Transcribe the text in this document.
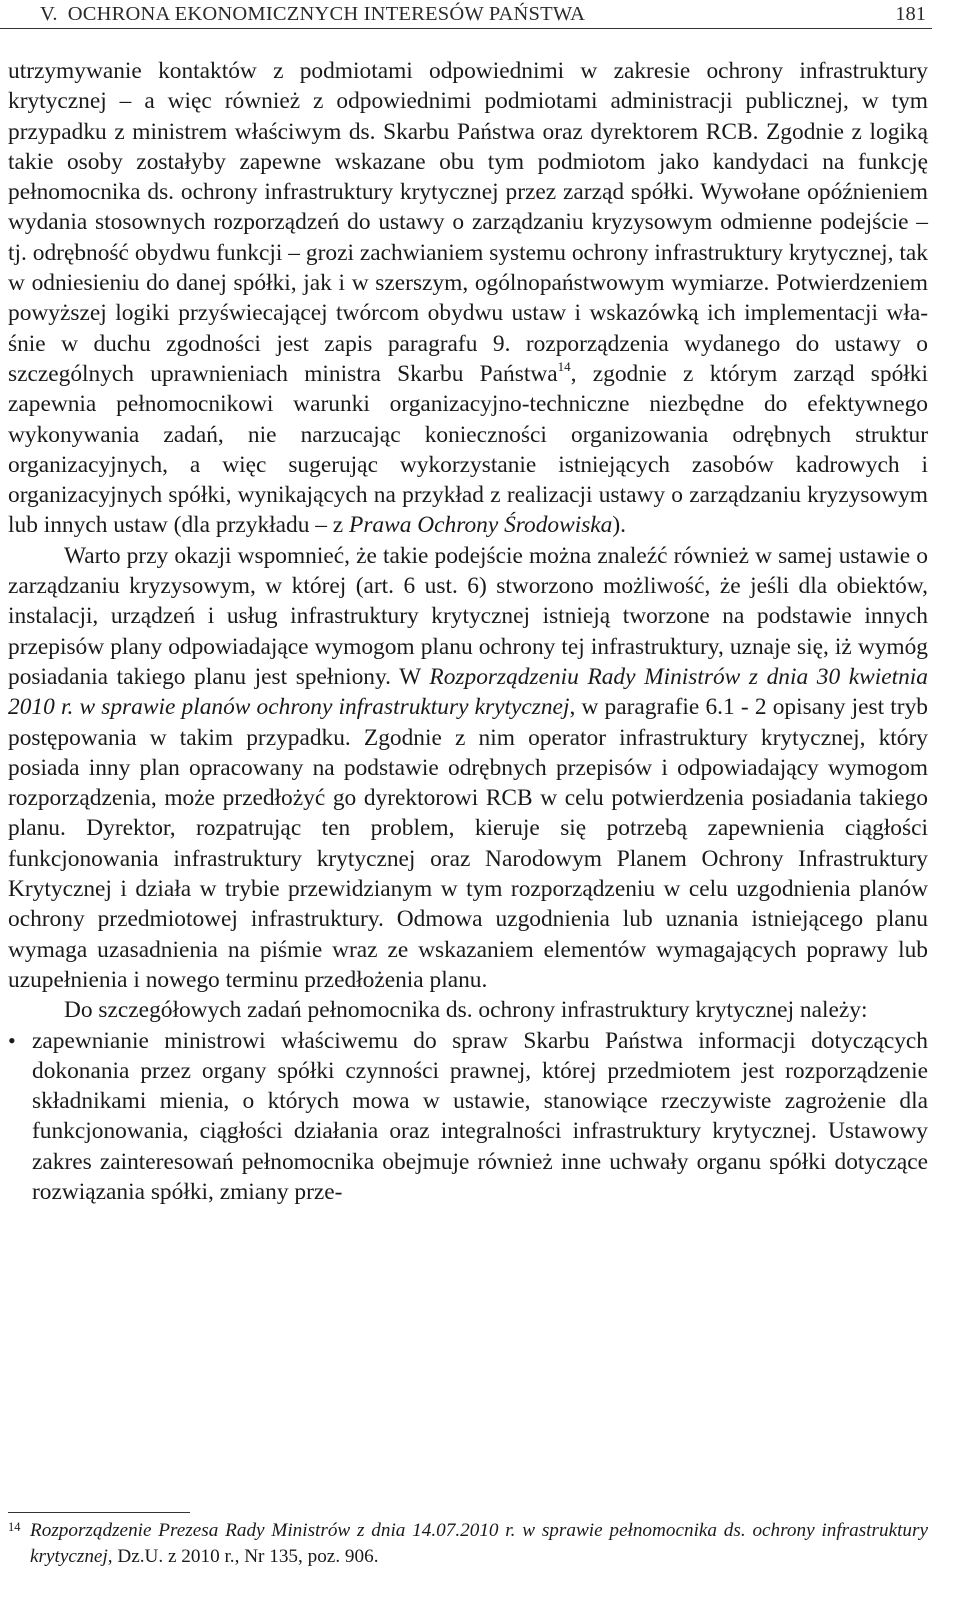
V. OCHRONA EKONOMICZNYCH INTERESÓW PAŃSTWA	181

utrzymywanie kontaktów z podmiotami odpowiednimi w zakresie ochrony infrastruktury krytycznej – a więc również z odpowiednimi podmiotami administracji publicznej, w tym przypadku z ministrem właściwym ds. Skarbu Państwa oraz dyrektorem RCB. Zgodnie z logiką takie osoby zostałyby zapewne wskazane obu tym podmiotom jako kandydaci na funkcję pełnomocnika ds. ochrony infrastruktury krytycznej przez zarząd spółki. Wywołane opóźnieniem wydania stosownych rozporządzeń do ustawy o zarządzaniu kryzysowym odmienne podejście – tj. odrębność obydwu funkcji – grozi zachwianiem systemu ochrony infrastruktury krytycznej, tak w odniesieniu do danej spółki, jak i w szerszym, ogólnopaństwowym wymiarze. Potwierdzeniem powyższej logiki przyświecającej twórcom obydwu ustaw i wskazówką ich implementacji właśnie w duchu zgodności jest zapis paragrafu 9. rozporządzenia wydanego do ustawy o szczególnych uprawnieniach ministra Skarbu Państwa$^{14}$, zgodnie z którym zarząd spółki zapewnia pełnomocnikowi warunki organizacyjno-techniczne niezbędne do efektywnego wykonywania zadań, nie narzucając konieczności organizowania odrębnych struktur organizacyjnych, a więc sugerując wykorzystanie istniejących zasobów kadrowych i organizacyjnych spółki, wynikających na przykład z realizacji ustawy o zarządzaniu kryzysowym lub innych ustaw (dla przykładu – z Prawa Ochrony Środowiska).

Warto przy okazji wspomnieć, że takie podejście można znaleźć również w samej ustawie o zarządzaniu kryzysowym, w której (art. 6 ust. 6) stworzono możliwość, że jeśli dla obiektów, instalacji, urządzeń i usług infrastruktury krytycznej istnieją tworzone na podstawie innych przepisów plany odpowiadające wymogom planu ochrony tej infrastruktury, uznaje się, iż wymóg posiadania takiego planu jest spełniony. W Rozporządzeniu Rady Ministrów z dnia 30 kwietnia 2010 r. w sprawie planów ochrony infrastruktury krytycznej, w paragrafie 6.1 - 2 opisany jest tryb postępowania w takim przypadku. Zgodnie z nim operator infrastruktury krytycznej, który posiada inny plan opracowany na podstawie odrębnych przepisów i odpowiadający wymogom rozporządzenia, może przedłożyć go dyrektorowi RCB w celu potwierdzenia posiadania takiego planu. Dyrektor, rozpatrując ten problem, kieruje się potrzebą zapewnienia ciągłości funkcjonowania infrastruktury krytycznej oraz Narodowym Planem Ochrony Infrastruktury Krytycznej i działa w trybie przewidzianym w tym rozporządzeniu w celu uzgodnienia planów ochrony przedmiotowej infrastruktury. Odmowa uzgodnienia lub uznania istniejącego planu wymaga uzasadnienia na piśmie wraz ze wskazaniem elementów wymagających poprawy lub uzupełnienia i nowego terminu przedłożenia planu.

Do szczegółowych zadań pełnomocnika ds. ochrony infrastruktury krytycznej należy:

• zapewnianie ministrowi właściwemu do spraw Skarbu Państwa informacji dotyczących dokonania przez organy spółki czynności prawnej, której przedmiotem jest rozporządzenie składnikami mienia, o których mowa w ustawie, stanowiące rzeczywiste zagrożenie dla funkcjonowania, ciągłości działania oraz integralności infrastruktury krytycznej. Ustawowy zakres zainteresowań pełnomocnika obejmuje również inne uchwały organu spółki dotyczące rozwiązania spółki, zmiany prze-
14 Rozporządzenie Prezesa Rady Ministrów z dnia 14.07.2010 r. w sprawie pełnomocnika ds. ochrony infrastruktury krytycznej, Dz.U. z 2010 r., Nr 135, poz. 906.
